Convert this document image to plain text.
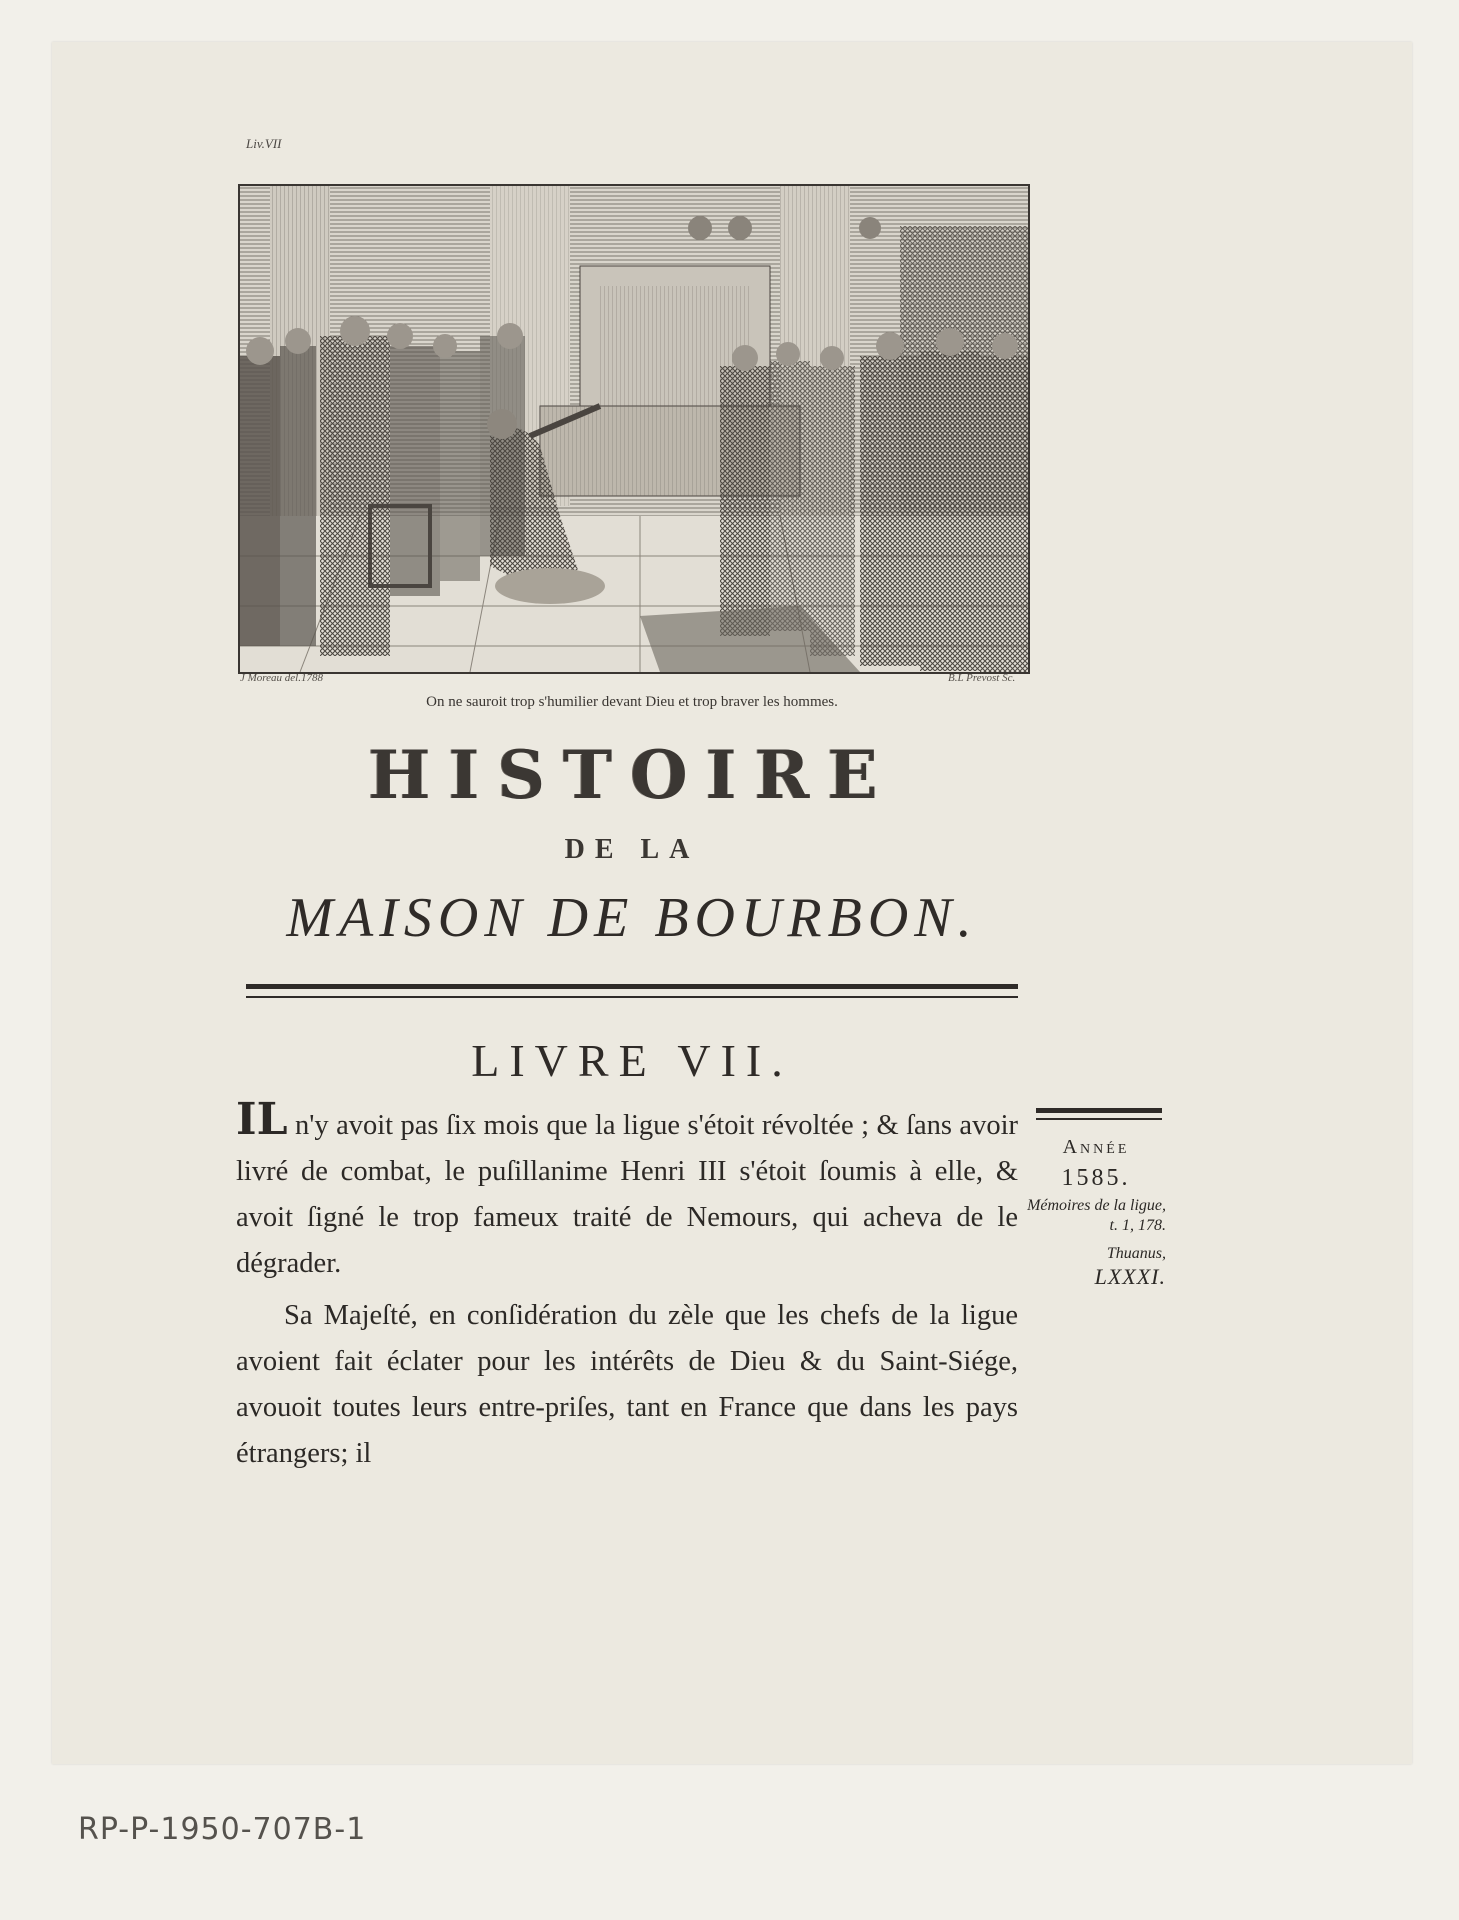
Liv.VII
J Moreau del.1788	B.L Prevost Sc.
On ne sauroit trop s'humilier devant Dieu et trop braver les hommes.
HISTOIRE
DE LA
MAISON DE BOURBON.
LIVRE VII.

IL n'y avoit pas ſix mois que la ligue s'étoit révoltée ; & ſans avoir livré de combat, le puſillanime Henri III s'étoit ſoumis à elle, & avoit ſigné le trop fameux traité de Nemours, qui acheva de le dégrader.

Sa Majeſté, en conſidération du zèle que les chefs de la ligue avoient fait éclater pour les intérêts de Dieu & du Saint-Siége, avouoit toutes leurs entre-priſes, tant en France que dans les pays étrangers; il

Année
1585.
Mémoires de la ligue, t. 1, 178.
Thuanus,
LXXXI.
RP-P-1950-707B-1
